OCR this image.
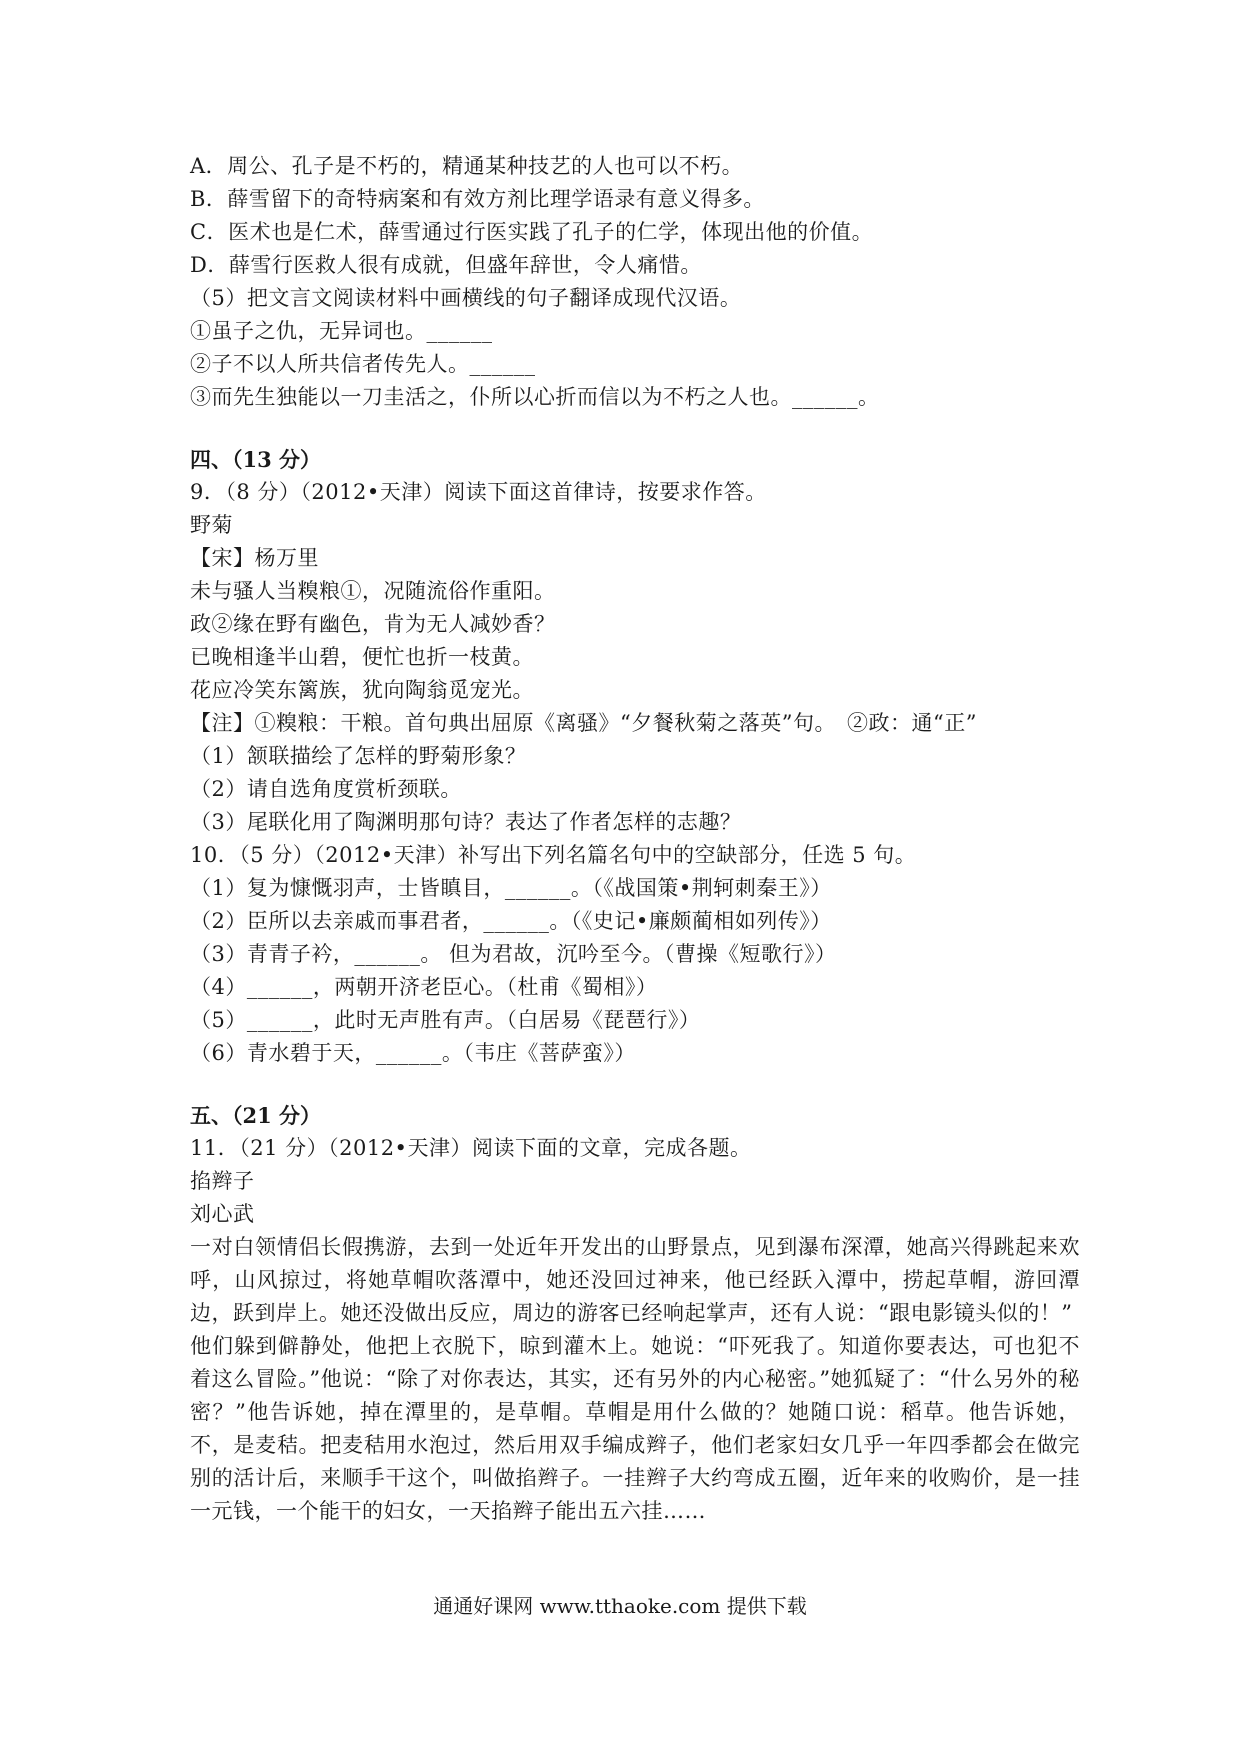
A．周公、孔子是不朽的，精通某种技艺的人也可以不朽。
B．薛雪留下的奇特病案和有效方剂比理学语录有意义得多。
C．医术也是仁术，薛雪通过行医实践了孔子的仁学，体现出他的价值。
D．薛雪行医救人很有成就，但盛年辞世，令人痛惜。
（5）把文言文阅读材料中画横线的句子翻译成现代汉语。
①虽子之仇，无异词也。______
②子不以人所共信者传先人。______
③而先生独能以一刀圭活之，仆所以心折而信以为不朽之人也。______。
四、（13 分）
9．（8 分）（2012•天津）阅读下面这首律诗，按要求作答。
野菊
【宋】杨万里
未与骚人当糗粮①，况随流俗作重阳。
政②缘在野有幽色，肯为无人减妙香？
已晚相逢半山碧，便忙也折一枝黄。
花应冷笑东篱族，犹向陶翁觅宠光。
【注】①糗粮：干粮。首句典出屈原《离骚》“夕餐秋菊之落英”句。　②政：通“正”
（1）颔联描绘了怎样的野菊形象？
（2）请自选角度赏析颈联。
（3）尾联化用了陶渊明那句诗？表达了作者怎样的志趣？
10．（5 分）（2012•天津）补写出下列名篇名句中的空缺部分，任选 5 句。
（1）复为慷慨羽声，士皆瞋目，______。（《战国策•荆轲刺秦王》）
（2）臣所以去亲戚而事君者，______。（《史记•廉颇蔺相如列传》）
（3）青青子衿，______。 但为君故，沉吟至今。（曹操《短歌行》）
（4）______，两朝开济老臣心。（杜甫《蜀相》）
（5）______，此时无声胜有声。（白居易《琵琶行》）
（6）青水碧于天，______。（韦庄《菩萨蛮》）
五、（21 分）
11．（21 分）（2012•天津）阅读下面的文章，完成各题。
掐辫子
刘心武
一对白领情侣长假携游，去到一处近年开发出的山野景点，见到瀑布深潭，她高兴得跳起来欢呼，山风掠过，将她草帽吹落潭中，她还没回过神来，他已经跃入潭中，捞起草帽，游回潭边，跃到岸上。她还没做出反应，周边的游客已经响起掌声，还有人说：“跟电影镜头似的！”
他们躲到僻静处，他把上衣脱下，晾到灌木上。她说：“吓死我了。知道你要表达，可也犯不着这么冒险。”他说：“除了对你表达，其实，还有另外的内心秘密。”她狐疑了：“什么另外的秘密？”他告诉她，掉在潭里的，是草帽。草帽是用什么做的？她随口说：稻草。他告诉她，不，是麦秸。把麦秸用水泡过，然后用双手编成辫子，他们老家妇女几乎一年四季都会在做完别的活计后，来顺手干这个，叫做掐辫子。一挂辫子大约弯成五圈，近年来的收购价，是一挂一元钱，一个能干的妇女，一天掐辫子能出五六挂……
通通好课网 www.tthaoke.com 提供下载
